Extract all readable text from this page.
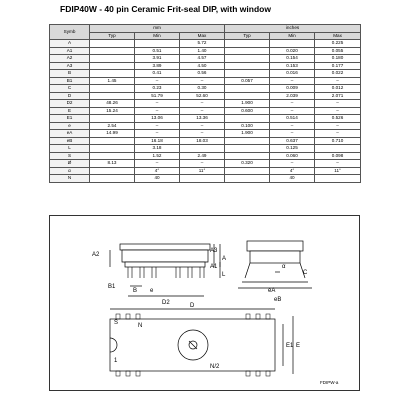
FDIP40W - 40 pin Ceramic Frit-seal DIP, with window
Symb	mm			inches		
	Typ	Min	Max	Typ	Min	Max
A			5.72			0.225
A1		0.51	1.40		0.020	0.055
A2		3.91	4.57		0.154	0.180
A3		3.89	4.50		0.153	0.177
B		0.41	0.56		0.016	0.022
B1	1.45	–	–	0.057	–	–
C		0.23	0.30		0.009	0.012
D		51.79	52.60		2.039	2.071
D2	48.26	–	–	1.900	–	–
E	15.24	–	–	0.600	–	–
E1		13.06	13.36		0.514	0.526
e	2.54	–	–	0.100	–	–
eA	14.99	–	–	1.900	–	–
eB		16.18	18.03		0.637	0.710
L		3.18			0.125	
S		1.52	2.49		0.060	0.098
Ø	8.13	–	–	0.320	–	–
α		4°	11°		4°	11°
N		40			40	
A2
A3
A
A1
L
B1
B e
D2
α
C
eA
eB
D
S	N
1
E1 E
N/2
FDIPW-a
